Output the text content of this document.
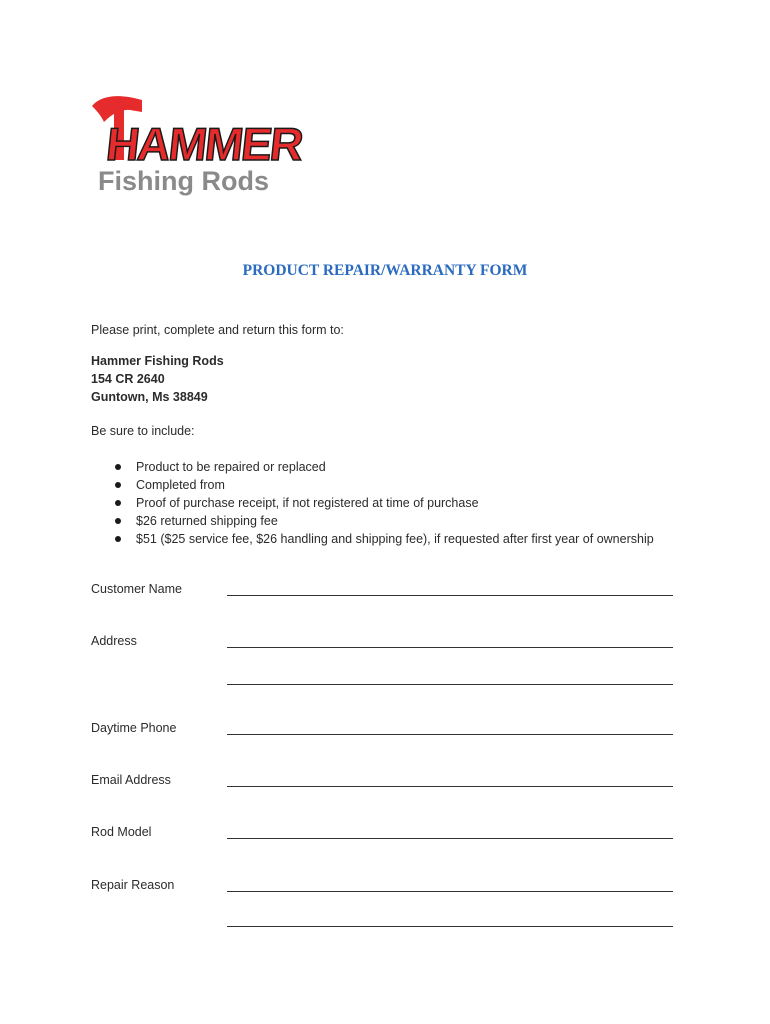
HAMMER
Fishing Rods
PRODUCT REPAIR/WARRANTY FORM
Please print, complete and return this form to:
Hammer Fishing Rods
154 CR 2640
Guntown, Ms 38849
Be sure to include:
Product to be repaired or replaced
Completed from
Proof of purchase receipt, if not registered at time of purchase
$26 returned shipping fee
$51 ($25 service fee, $26 handling and shipping fee), if requested after first year of ownership
Customer Name
Address
Daytime Phone
Email Address
Rod Model
Repair Reason
